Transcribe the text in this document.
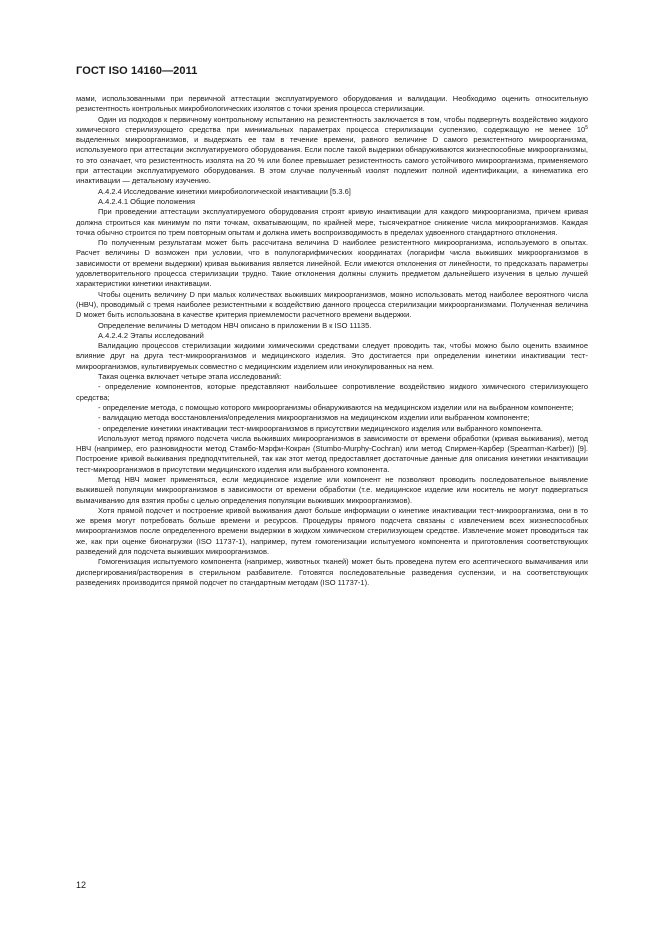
ГОСТ ISO 14160—2011

мами, использованными при первичной аттестации эксплуатируемого оборудования и валидации. Необходимо оценить относительную резистентность контрольных микробиологических изолятов с точки зрения процесса стерилизации.

Один из подходов к первичному контрольному испытанию на резистентность заключается в том, чтобы подвергнуть воздействию жидкого химического стерилизующего средства при минимальных параметрах процесса стерилизации суспензию, содержащую не менее $10^5$ выделенных микроорганизмов, и выдержать ее там в течение времени, равного величине D самого резистентного микроорганизма, используемого при аттестации эксплуатируемого оборудования. Если после такой выдержки обнаруживаются жизнеспособные микроорганизмы, то это означает, что резистентность изолята на 20 % или более превышает резистентность самого устойчивого микроорганизма, применяемого при аттестации эксплуатируемого оборудования. В этом случае полученный изолят подлежит полной идентификации, а кинематика его инактивации — детальному изучению.

А.4.2.4 Исследование кинетики микробиологической инактивации [5.3.6]

А.4.2.4.1 Общие положения

При проведении аттестации эксплуатируемого оборудования строят кривую инактивации для каждого микроорганизма, причем кривая должна строиться как минимум по пяти точкам, охватывающим, по крайней мере, тысячекратное снижение числа микроорганизмов. Каждая точка обычно строится по трем повторным опытам и должна иметь воспроизводимость в пределах удвоенного стандартного отклонения.

По полученным результатам может быть рассчитана величина D наиболее резистентного микроорганизма, используемого в опытах. Расчет величины D возможен при условии, что в полулогарифмических координатах (логарифм числа выживших микроорганизмов в зависимости от времени выдержки) кривая выживания является линейной. Если имеются отклонения от линейности, то предсказать параметры удовлетворительного процесса стерилизации трудно. Такие отклонения должны служить предметом дальнейшего изучения в целью лучшей характеристики кинетики инактивации.

Чтобы оценить величину D при малых количествах выживших микроорганизмов, можно использовать метод наиболее вероятного числа (НВЧ), проводимый с тремя наиболее резистентными к воздействию данного процесса стерилизации микроорганизмами. Полученная величина D может быть использована в качестве критерия приемлемости расчетного времени выдержки.

Определение величины D методом НВЧ описано в приложении В к ISO 11135.

А.4.2.4.2 Этапы исследований

Валидацию процессов стерилизации жидкими химическими средствами следует проводить так, чтобы можно было оценить взаимное влияние друг на друга тест-микроорганизмов и медицинского изделия. Это достигается при определении кинетики инактивации тест-микроорганизмов, культивируемых совместно с медицинским изделием или инокулированных на нем.

Такая оценка включает четыре этапа исследований:

- определение компонентов, которые представляют наибольшее сопротивление воздействию жидкого химического стерилизующего средства;

- определение метода, с помощью которого микроорганизмы обнаруживаются на медицинском изделии или на выбранном компоненте;

- валидацию метода восстановления/определения микроорганизмов на медицинском изделии или выбранном компоненте;

- определение кинетики инактивации тест-микроорганизмов в присутствии медицинского изделия или выбранного компонента.

Используют метод прямого подсчета числа выживших микроорганизмов в зависимости от времени обработки (кривая выживания), метод НВЧ (например, его разновидности метод Стамбо-Мэрфи-Кокран (Stumbo-Murphy-Cochran) или метод Спирмен-Карбер (Spearman-Karber)) [9]. Построение кривой выживания предподчтительней, так как этот метод предоставляет достаточные данные для описания кинетики инактивации тест-микроорганизмов в присутствии медицинского изделия или выбранного компонента.

Метод НВЧ может применяться, если медицинское изделие или компонент не позволяют проводить последовательное выявление выжившей популяции микроорганизмов в зависимости от времени обработки (т.е. медицинское изделие или носитель не могут подвергаться вымачиванию для взятия пробы с целью определения популяции выживших микроорганизмов).

Хотя прямой подсчет и построение кривой выживания дают больше информации о кинетике инактивации тест-микроорганизма, они в то же время могут потребовать больше времени и ресурсов. Процедуры прямого подсчета связаны с извлечением всех жизнеспособных микроорганизмов после определенного времени выдержки в жидком химическом стерилизующем средстве. Извлечение может проводиться так же, как при оценке бионагрузки (ISO 11737-1), например, путем гомогенизации испытуемого компонента и приготовления соответствующих разведений для подсчета выживших микроорганизмов.

Гомогенизация испытуемого компонента (например, животных тканей) может быть проведена путем его асептического вымачивания или диспергирования/растворения в стерильном разбавителе. Готовятся последовательные разведения суспензии, и на соответствующих разведениях производится прямой подсчет по стандартным методам (ISO 11737-1).

12
